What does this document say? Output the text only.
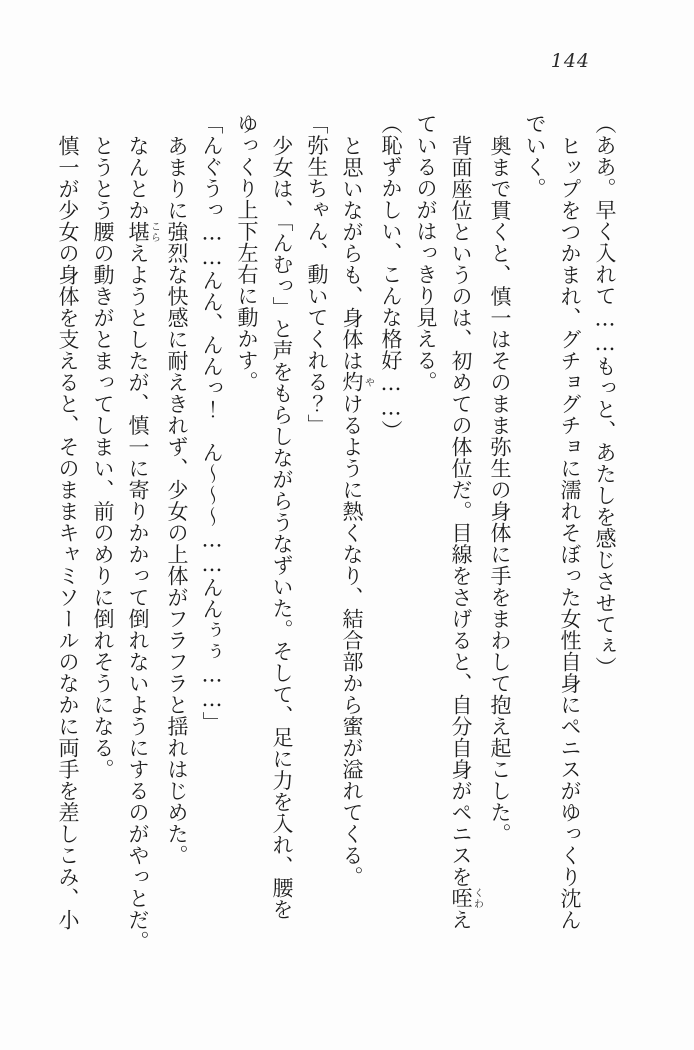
144

（ああ。早く入れて……もっと、あたしを感じさせてぇ）

ヒップをつかまれ、グチョグチョに濡れそぼった女性自身にペニスがゆっくり沈ん

でいく。

奥まで貫くと、慎一はそのまま弥生の身体に手をまわして抱え起こした。

背面座位というのは、初めての体位だ。目線をさげると、自分自身がペニスを咥くわえ

ているのがはっきり見える。

（恥ずかしい、こんな格好……）

と思いながらも、身体は灼やけるように熱くなり、結合部から蜜が溢れてくる。

「弥生ちゃん、動いてくれる？」

少女は、「んむっ」と声をもらしながらうなずいた。そして、足に力を入れ、腰を

ゆっくり上下左右に動かす。

「んぐうっ……んん、んんっ！　ん〜〜〜……んんぅぅ……」

あまりに強烈な快感に耐えきれず、少女の上体がフラフラと揺れはじめた。

なんとか堪こらえようとしたが、慎一に寄りかかって倒れないようにするのがやっとだ。

とうとう腰の動きがとまってしまい、前のめりに倒れそうになる。

慎一が少女の身体を支えると、そのままキャミソールのなかに両手を差しこみ、小
